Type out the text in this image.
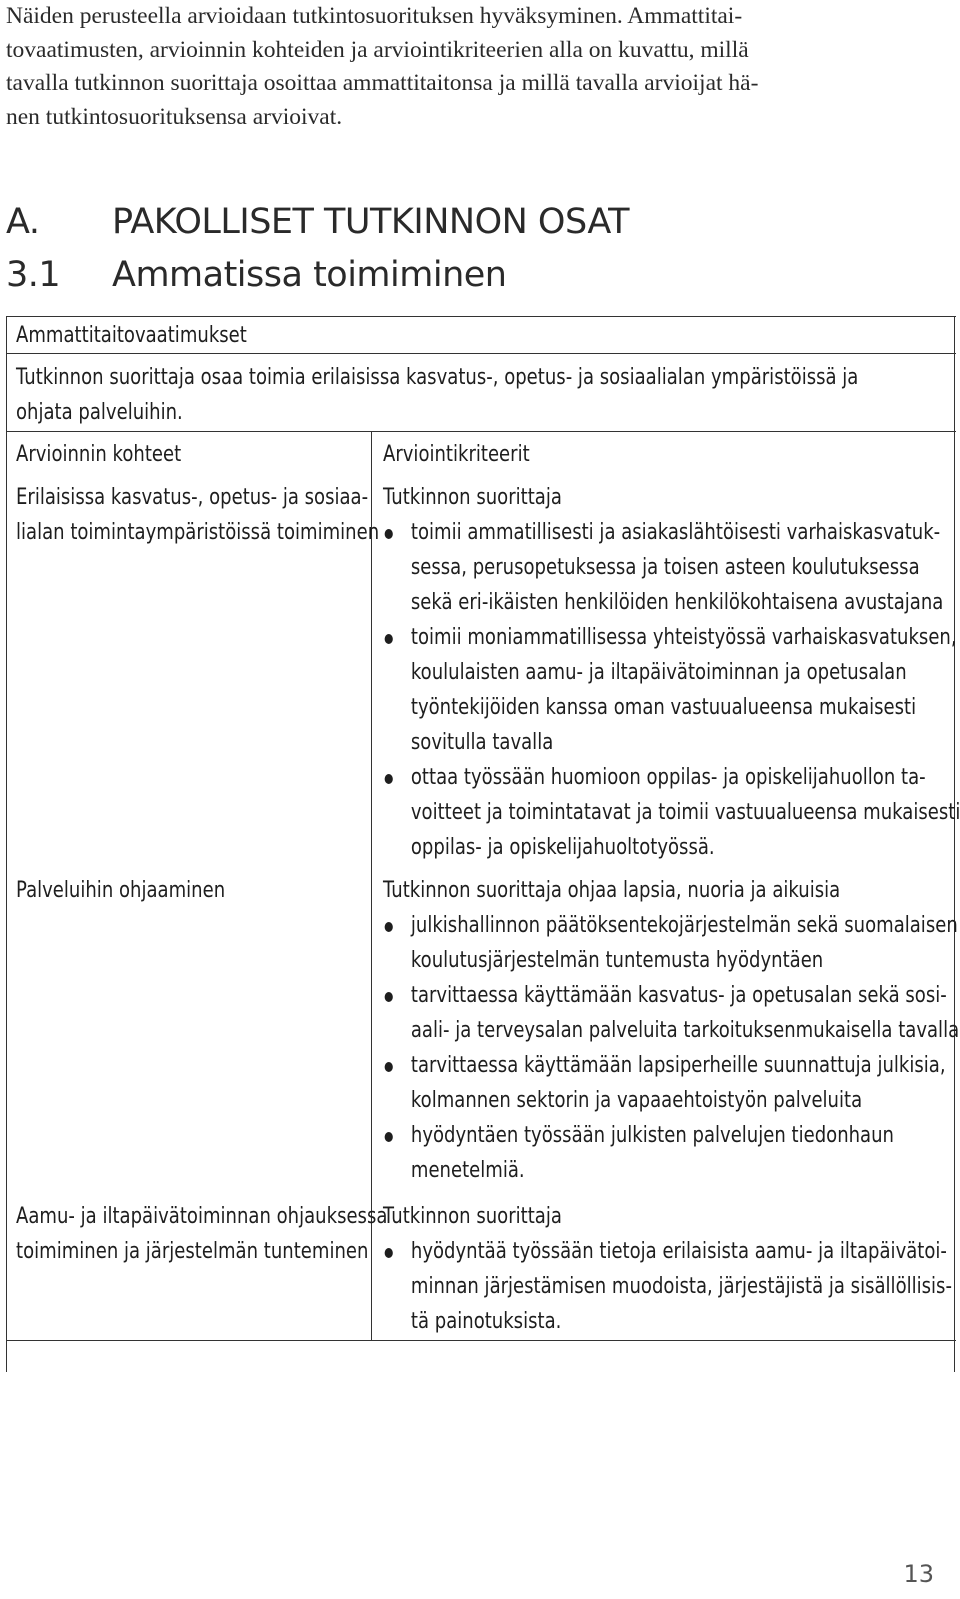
Näiden perusteella arvioidaan tutkintosuorituksen hyväksyminen. Ammattitai-
tovaatimusten, arvioinnin kohteiden ja arviointikriteerien alla on kuvattu, millä
tavalla tutkinnon suorittaja osoittaa ammattitaitonsa ja millä tavalla arvioijat hä-
nen tutkintosuorituksensa arvioivat.

A. PAKOLLISET TUTKINNON OSAT
3.1 Ammatissa toimiminen
Ammattitaitovaatimukset
Tutkinnon suorittaja osaa toimia erilaisissa kasvatus-, opetus- ja sosiaalialan ympäristöissä ja
ohjata palveluihin.
Arvioinnin kohteet	Arviointikriteerit
Erilaisissa kasvatus-, opetus- ja sosiaa-
lialan toimintaympäristöissä toimiminen
Tutkinnon suorittaja
toimii ammatillisesti ja asiakaslähtöisesti varhaiskasvatuk-
sessa, perusopetuksessa ja toisen asteen koulutuksessa
sekä eri-ikäisten henkilöiden henkilökohtaisena avustajana
toimii moniammatillisessa yhteistyössä varhaiskasvatuksen,
koululaisten aamu- ja iltapäivätoiminnan ja opetusalan
työntekijöiden kanssa oman vastuualueensa mukaisesti
sovitulla tavalla
ottaa työssään huomioon oppilas- ja opiskelijahuollon ta-
voitteet ja toimintatavat ja toimii vastuualueensa mukaisesti
oppilas- ja opiskelijahuoltotyössä.
Palveluihin ohjaaminen	Tutkinnon suorittaja ohjaa lapsia, nuoria ja aikuisia
julkishallinnon päätöksentekojärjestelmän sekä suomalaisen
koulutusjärjestelmän tuntemusta hyödyntäen
tarvittaessa käyttämään kasvatus- ja opetusalan sekä sosi-
aali- ja terveysalan palveluita tarkoituksenmukaisella tavalla
tarvittaessa käyttämään lapsiperheille suunnattuja julkisia,
kolmannen sektorin ja vapaaehtoistyön palveluita
hyödyntäen työssään julkisten palvelujen tiedonhaun
menetelmiä.
Aamu- ja iltapäivätoiminnan ohjauksessa
toimiminen ja järjestelmän tunteminen
Tutkinnon suorittaja
hyödyntää työssään tietoja erilaisista aamu- ja iltapäivätoi-
minnan järjestämisen muodoista, järjestäjistä ja sisällöllisis-
tä painotuksista.
13
